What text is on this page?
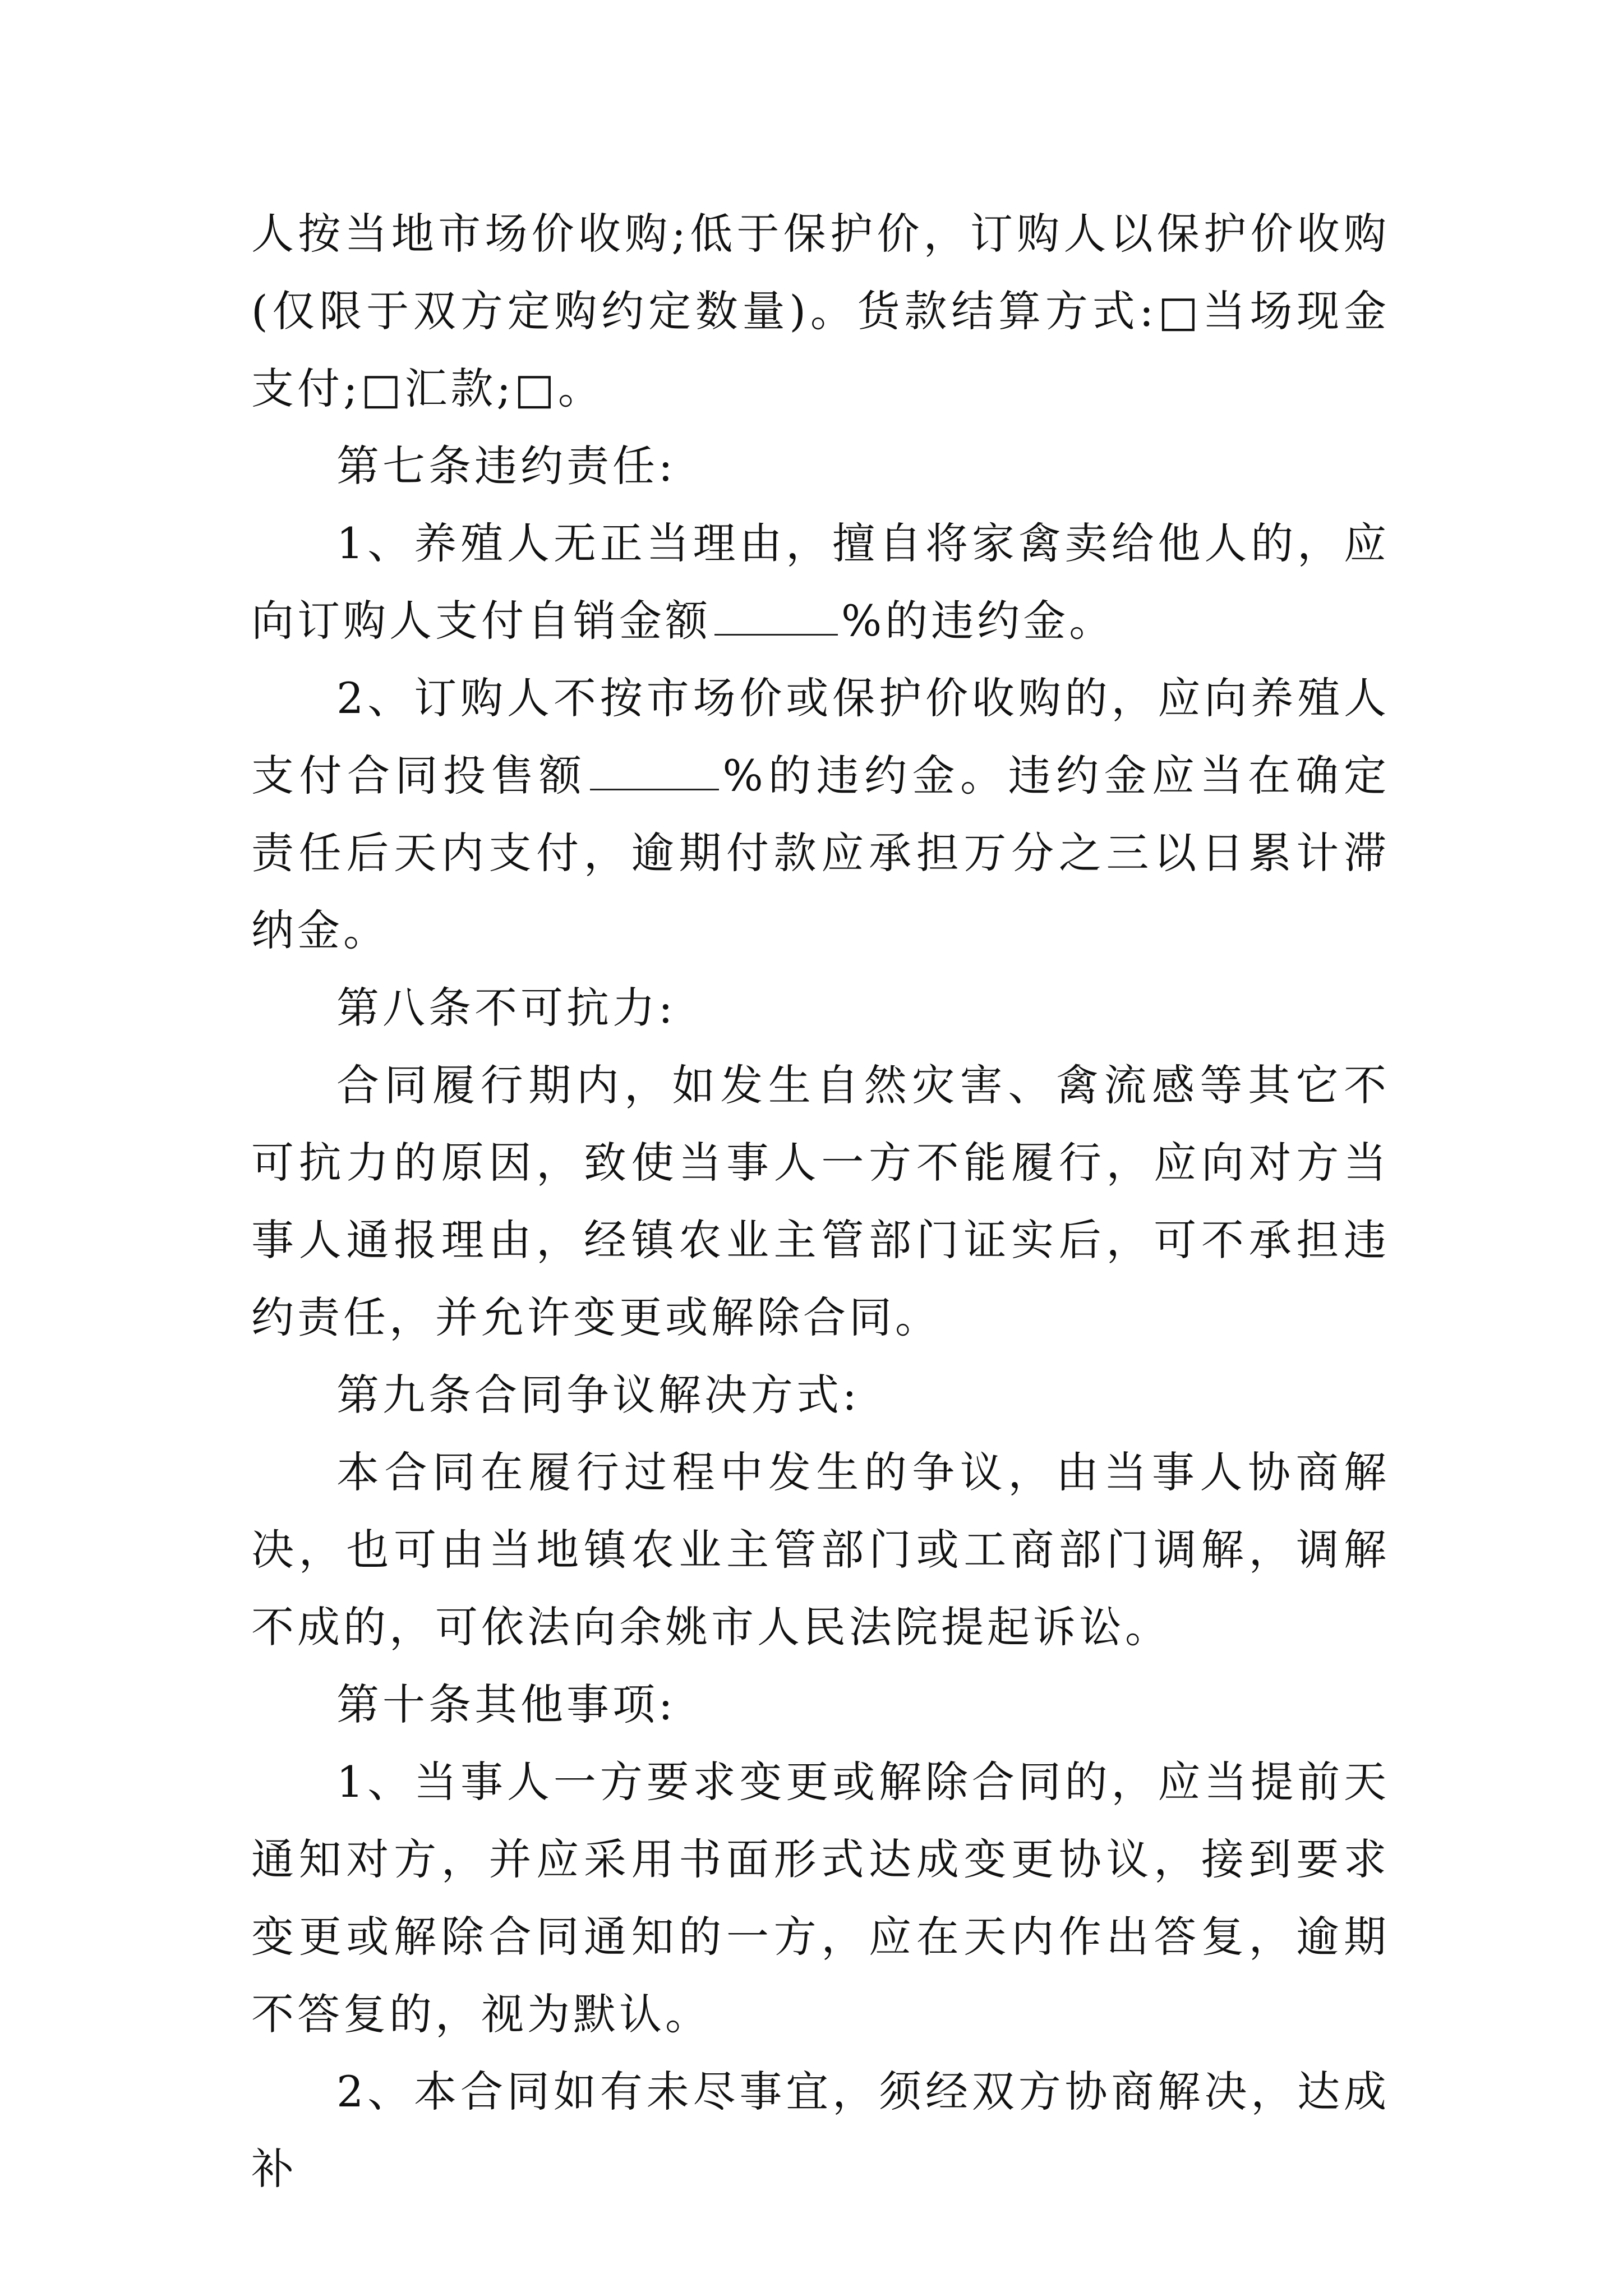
人按当地市场价收购;低于保护价，订购人以保护价收购(仅限于双方定购约定数量)。货款结算方式:□当场现金支付;□汇款;□。

第七条违约责任:

1、养殖人无正当理由，擅自将家禽卖给他人的，应向订购人支付自销金额	%的违约金。

2、订购人不按市场价或保护价收购的，应向养殖人支付合同投售额	%的违约金。违约金应当在确定责任后天内支付，逾期付款应承担万分之三以日累计滞纳金。

第八条不可抗力:

合同履行期内，如发生自然灾害、禽流感等其它不可抗力的原因，致使当事人一方不能履行，应向对方当事人通报理由，经镇农业主管部门证实后，可不承担违约责任，并允许变更或解除合同。

第九条合同争议解决方式:

本合同在履行过程中发生的争议，由当事人协商解决，也可由当地镇农业主管部门或工商部门调解，调解不成的，可依法向余姚市人民法院提起诉讼。

第十条其他事项:

1、当事人一方要求变更或解除合同的，应当提前天通知对方，并应采用书面形式达成变更协议，接到要求变更或解除合同通知的一方，应在天内作出答复，逾期不答复的，视为默认。

2、本合同如有未尽事宜，须经双方协商解决，达成补
